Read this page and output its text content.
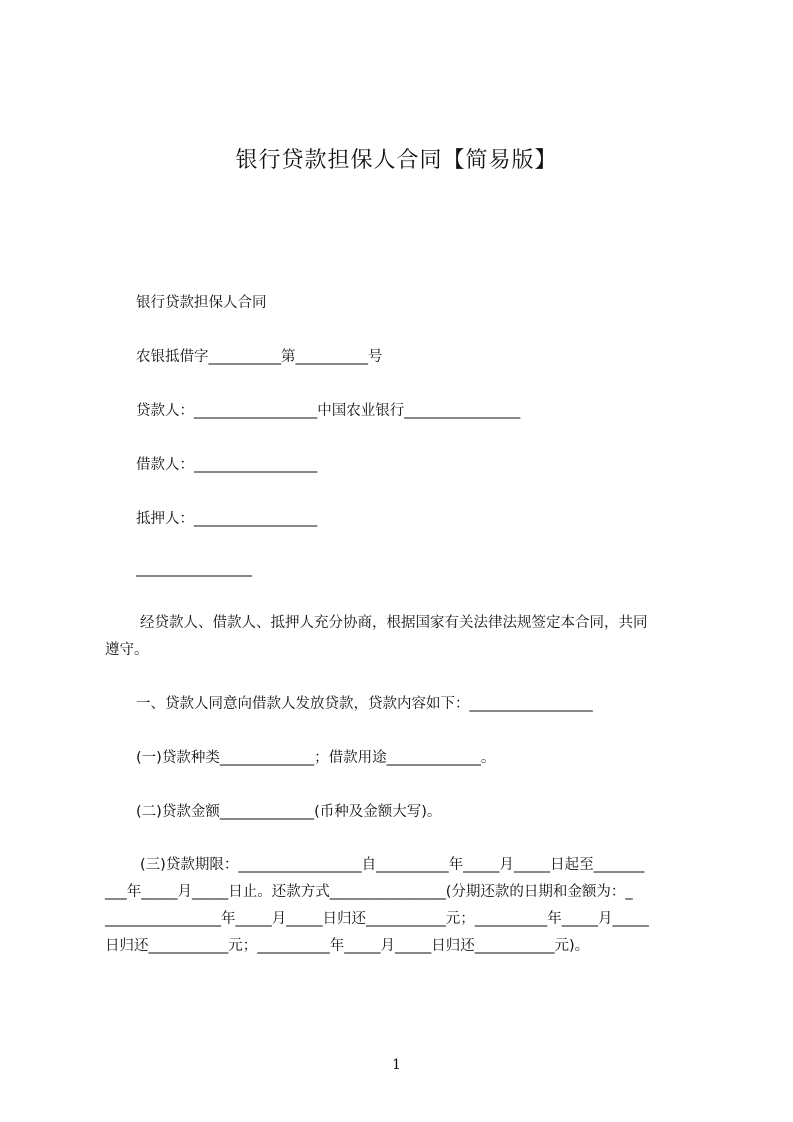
银行贷款担保人合同【简易版】
银行贷款担保人合同
农银抵借字__________第__________号
贷款人：_________________中国农业银行________________
借款人：_________________
抵押人：_________________
________________
经贷款人、借款人、抵押人充分协商，根据国家有关法律法规签定本合同，共同
遵守。
一、贷款人同意向借款人发放贷款，贷款内容如下：_________________
(一)贷款种类_____________；借款用途_____________。
(二)贷款金额_____________(币种及金额大写)。
(三)贷款期限：_________________自__________年_____月_____日起至_______
___年_____月_____日止。还款方式________________(分期还款的日期和金额为：_
________________年_____月_____日归还___________元；__________年_____月_____
日归还___________元；__________年_____月_____日归还___________元)。
1
